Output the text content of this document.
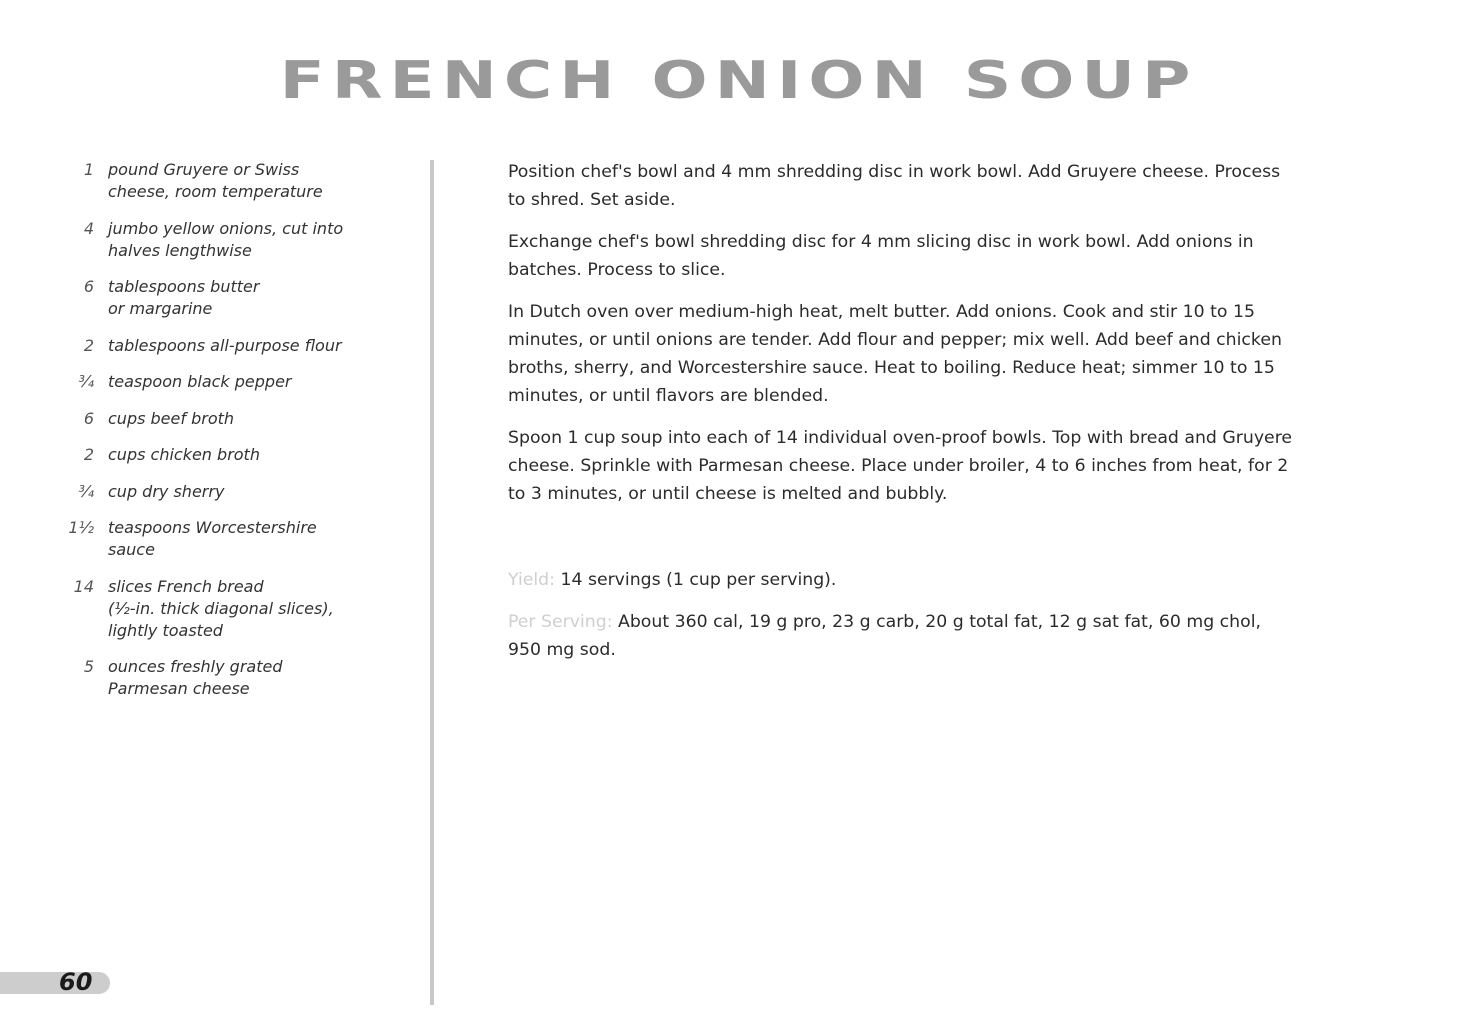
FRENCH ONION SOUP
1 pound Gruyere or Swiss
cheese, room temperature
4 jumbo yellow onions, cut into
halves lengthwise
6 tablespoons butter
or margarine
2 tablespoons all-purpose flour
¾ teaspoon black pepper
6 cups beef broth
2 cups chicken broth
¾ cup dry sherry
1½ teaspoons Worcestershire
sauce
14 slices French bread
(½-in. thick diagonal slices),
lightly toasted
5 ounces freshly grated
Parmesan cheese

Position chef's bowl and 4 mm shredding disc in work bowl. Add Gruyere cheese. Process to shred. Set aside.

Exchange chef's bowl shredding disc for 4 mm slicing disc in work bowl. Add onions in batches. Process to slice.

In Dutch oven over medium-high heat, melt butter. Add onions. Cook and stir 10 to 15 minutes, or until onions are tender. Add flour and pepper; mix well. Add beef and chicken broths, sherry, and Worcestershire sauce. Heat to boiling. Reduce heat; simmer 10 to 15 minutes, or until flavors are blended.

Spoon 1 cup soup into each of 14 individual oven-proof bowls. Top with bread and Gruyere cheese. Sprinkle with Parmesan cheese. Place under broiler, 4 to 6 inches from heat, for 2 to 3 minutes, or until cheese is melted and bubbly.

Yield: 14 servings (1 cup per serving).

Per Serving: About 360 cal, 19 g pro, 23 g carb, 20 g total fat, 12 g sat fat, 60 mg chol, 950 mg sod.

60
